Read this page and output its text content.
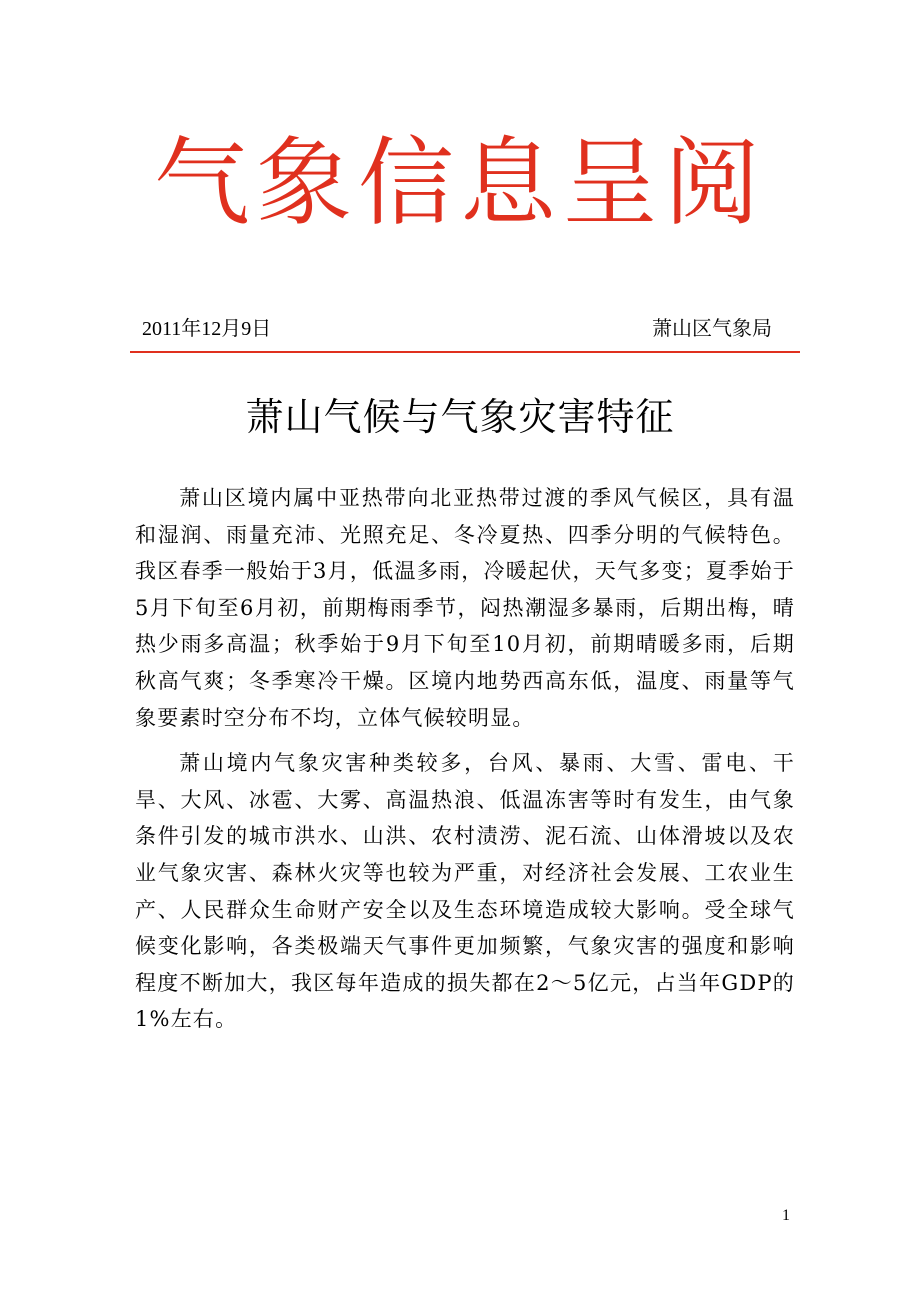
气象信息呈阅
2011年12月9日	萧山区气象局
萧山气候与气象灾害特征

萧山区境内属中亚热带向北亚热带过渡的季风气候区，具有温和湿润、雨量充沛、光照充足、冬冷夏热、四季分明的气候特色。我区春季一般始于3月，低温多雨，冷暖起伏，天气多变；夏季始于5月下旬至6月初，前期梅雨季节，闷热潮湿多暴雨，后期出梅，晴热少雨多高温；秋季始于9月下旬至10月初，前期晴暖多雨，后期秋高气爽；冬季寒冷干燥。区境内地势西高东低，温度、雨量等气象要素时空分布不均，立体气候较明显。

萧山境内气象灾害种类较多，台风、暴雨、大雪、雷电、干旱、大风、冰雹、大雾、高温热浪、低温冻害等时有发生，由气象条件引发的城市洪水、山洪、农村渍涝、泥石流、山体滑坡以及农业气象灾害、森林火灾等也较为严重，对经济社会发展、工农业生产、人民群众生命财产安全以及生态环境造成较大影响。受全球气候变化影响，各类极端天气事件更加频繁，气象灾害的强度和影响程度不断加大，我区每年造成的损失都在2～5亿元，占当年GDP的1%左右。

1
